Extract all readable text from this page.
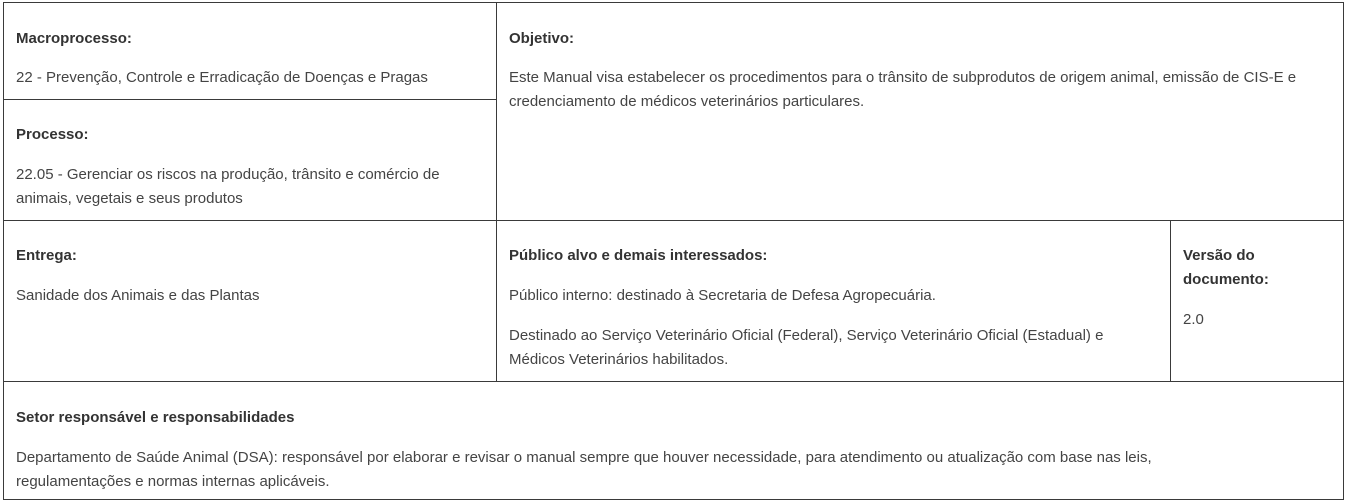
Macroprocesso:
22 - Prevenção, Controle e Erradicação de Doenças e Pragas
Processo:
22.05 - Gerenciar os riscos na produção, trânsito e comércio de animais, vegetais e seus produtos
Objetivo:
Este Manual visa estabelecer os procedimentos para o trânsito de subprodutos de origem animal, emissão de CIS-E e credenciamento de médicos veterinários particulares.
Entrega:
Sanidade dos Animais e das Plantas
Público alvo e demais interessados:
Público interno: destinado à Secretaria de Defesa Agropecuária.
Destinado ao Serviço Veterinário Oficial (Federal), Serviço Veterinário Oficial (Estadual) e Médicos Veterinários habilitados.
Versão do documento:
2.0
Setor responsável e responsabilidades
Departamento de Saúde Animal (DSA): responsável por elaborar e revisar o manual sempre que houver necessidade, para atendimento ou atualização com base nas leis, regulamentações e normas internas aplicáveis.
